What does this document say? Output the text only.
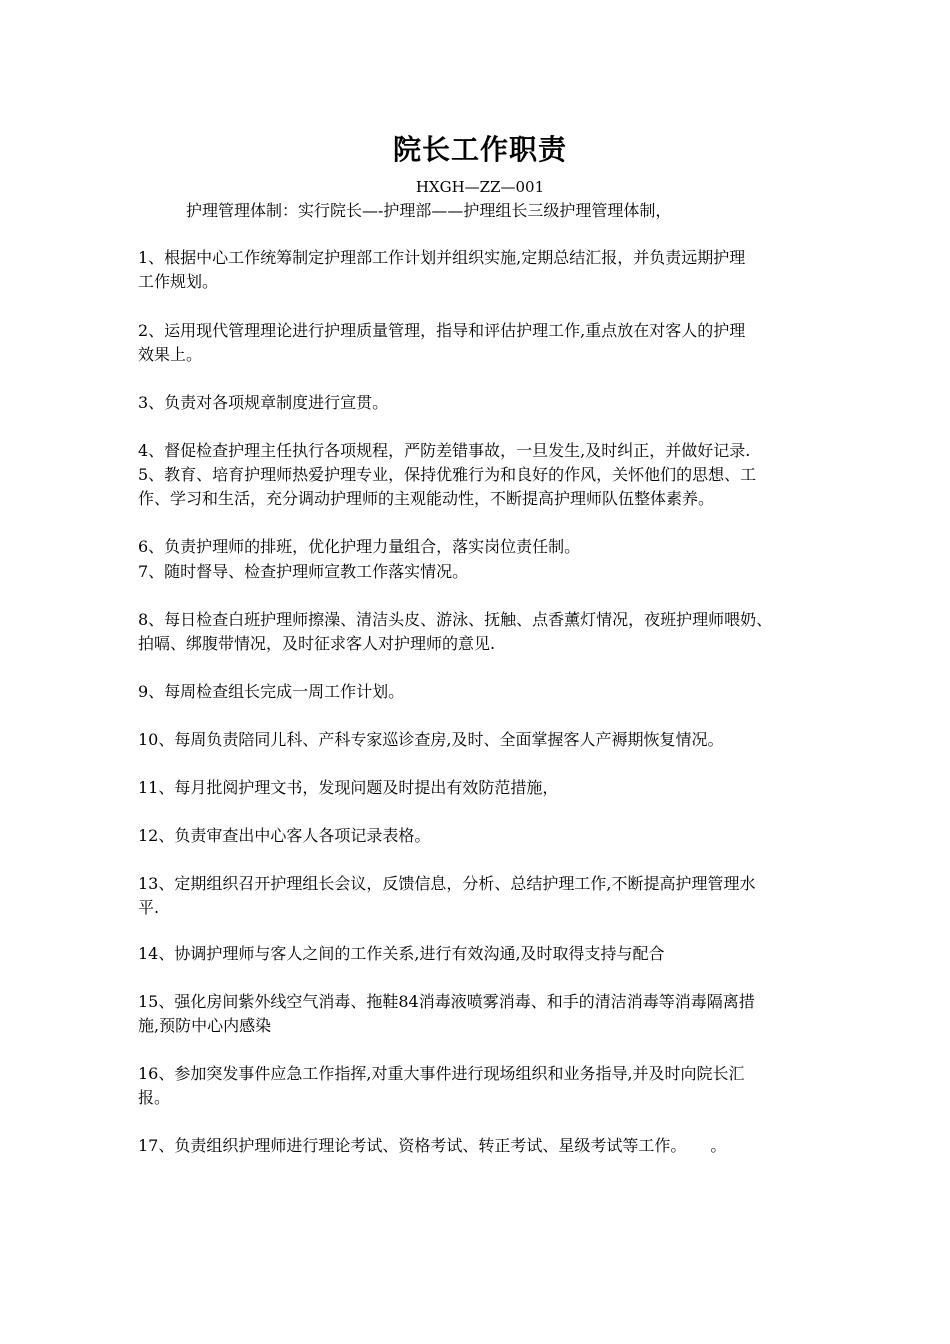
院长工作职责
HXGH—ZZ—001
护理管理体制：实行院长—-护理部——护理组长三级护理管理体制，
1、根据中心工作统筹制定护理部工作计划并组织实施,定期总结汇报，并负责远期护理
工作规划。
2、运用现代管理理论进行护理质量管理，指导和评估护理工作,重点放在对客人的护理
效果上。
3、负责对各项规章制度进行宣贯。
4、督促检查护理主任执行各项规程，严防差错事故，一旦发生,及时纠正，并做好记录.
5、教育、培育护理师热爱护理专业，保持优雅行为和良好的作风，关怀他们的思想、工
作、学习和生活，充分调动护理师的主观能动性，不断提高护理师队伍整体素养。
6、负责护理师的排班，优化护理力量组合，落实岗位责任制。
7、随时督导、检查护理师宣教工作落实情况。
8、每日检查白班护理师擦澡、清洁头皮、游泳、抚触、点香薰灯情况，夜班护理师喂奶、
拍嗝、绑腹带情况，及时征求客人对护理师的意见.
9、每周检查组长完成一周工作计划。
10、每周负责陪同儿科、产科专家巡诊查房,及时、全面掌握客人产褥期恢复情况。
11、每月批阅护理文书，发现问题及时提出有效防范措施，
12、负责审查出中心客人各项记录表格。
13、定期组织召开护理组长会议，反馈信息，分析、总结护理工作,不断提高护理管理水
平.
14、协调护理师与客人之间的工作关系,进行有效沟通,及时取得支持与配合
15、强化房间紫外线空气消毒、拖鞋84消毒液喷雾消毒、和手的清洁消毒等消毒隔离措
施,预防中心内感染
16、参加突发事件应急工作指挥,对重大事件进行现场组织和业务指导,并及时向院长汇
报。
17、负责组织护理师进行理论考试、资格考试、转正考试、星级考试等工作。　　。
